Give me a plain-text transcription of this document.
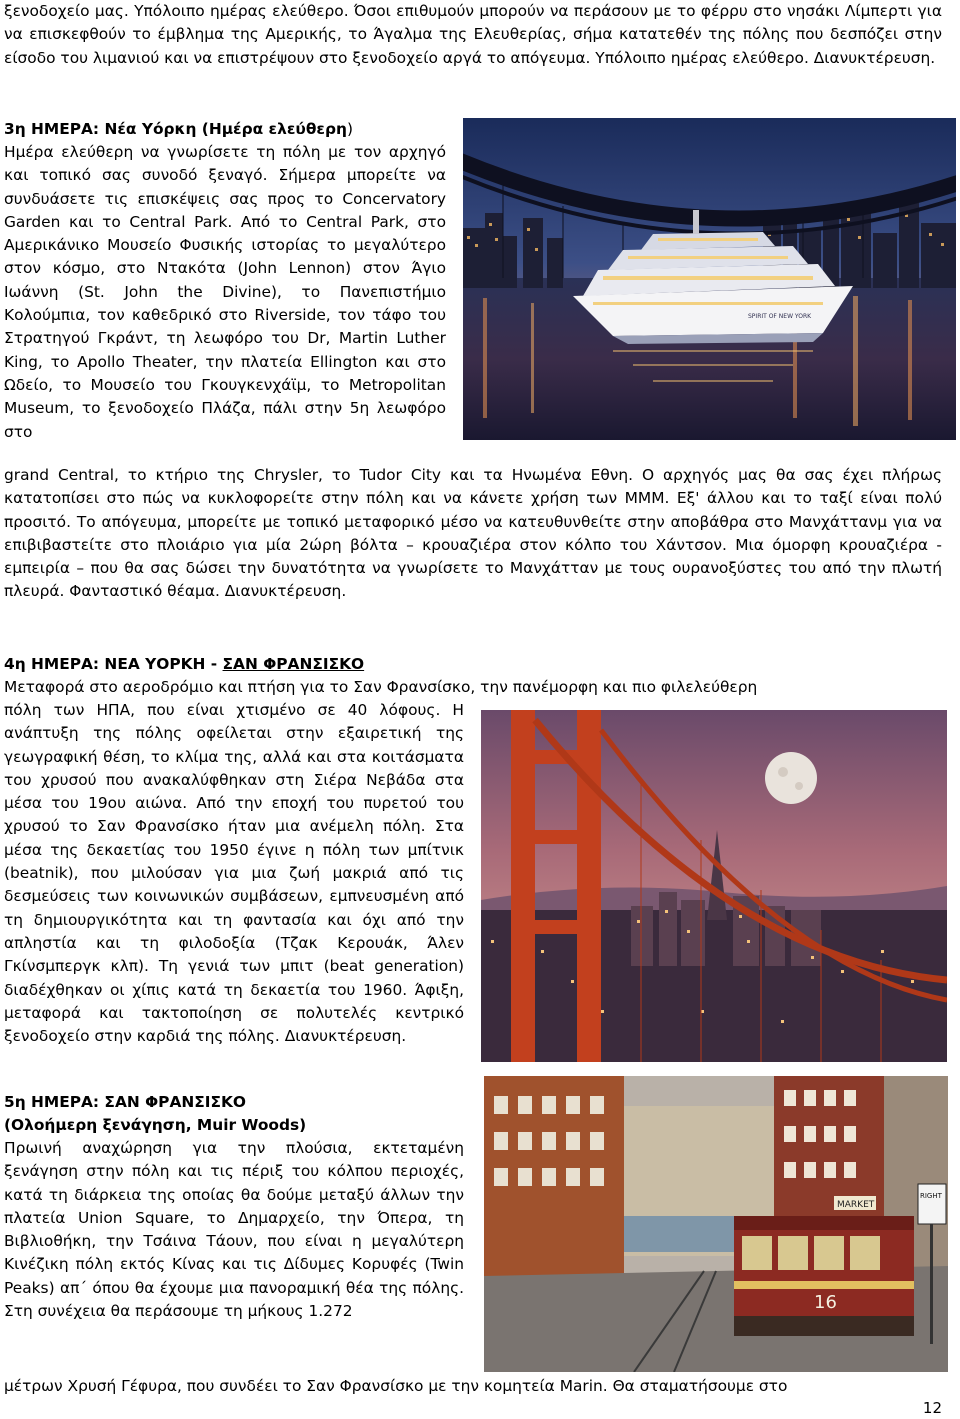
ξενοδοχείο μας. Υπόλοιπο ημέρας ελεύθερο. Όσοι επιθυμούν μπορούν να περάσουν με το φέρρυ στο νησάκι Λίμπερτι για να επισκεφθούν το έμβλημα της Αμερικής, το Άγαλμα της Ελευθερίας, σήμα κατατεθέν της πόλης που δεσπόζει στην είσοδο του λιμανιού και να επιστρέψουν στο ξενοδοχείο αργά το απόγευμα. Υπόλοιπο ημέρας ελεύθερο. Διανυκτέρευση.

3η ΗΜΕΡΑ: Νέα Υόρκη (Ημέρα ελεύθερη)

Ημέρα ελεύθερη να γνωρίσετε τη πόλη με τον αρχηγό και τοπικό σας συνοδό ξεναγό. Σήμερα μπορείτε να συνδυάσετε τις επισκέψεις σας προς το Concervatory Garden και το Central Park. Από το Central Park, στο Αμερικάνικο Μουσείο Φυσικής ιστορίας το μεγαλύτερο στον κόσμο, στο Ντακότα (John Lennon) στον Άγιο Ιωάννη (St. John the Divine), το Πανεπιστήμιο Κολούμπια, τον καθεδρικό στο Riverside, τον τάφο του Στρατηγού Γκράντ, τη λεωφόρο του Dr, Martin Luther King, το Apollo Theater, την πλατεία Ellington και στο Ωδείο, το Μουσείο του Γκουγκενχάϊμ, το Metropolitan Museum, το ξενοδοχείο Πλάζα, πάλι στην 5η λεωφόρο στο

SPIRIT OF NEW YORK

grand Central, το κτήριο της Chrysler, το Tudor City και τα Ηνωμένα Εθνη. Ο αρχηγός μας θα σας έχει πλήρως κατατοπίσει στο πώς να κυκλοφορείτε στην πόλη και να κάνετε χρήση των ΜΜΜ. Εξ' άλλου και το ταξί είναι πολύ προσιτό. Το απόγευμα, μπορείτε με τοπικό μεταφορικό μέσο να κατευθυνθείτε στην αποβάθρα στο Μανχάττανμ για να επιβιβαστείτε στο πλοιάριο για μία 2ώρη βόλτα – κρουαζιέρα στον κόλπο του Χάντσον. Μια όμορφη κρουαζιέρα - εμπειρία – που θα σας δώσει την δυνατότητα να γνωρίσετε το Μανχάτταν με τους ουρανοξύστες του από την πλωτή πλευρά. Φανταστικό θέαμα. Διανυκτέρευση.

4η ΗΜΕΡΑ: ΝΕΑ ΥΟΡΚΗ - ΣΑΝ ΦΡΑΝΣΙΣΚΟ

Μεταφορά στο αεροδρόμιο και πτήση για το Σαν Φρανσίσκο, την πανέμορφη και πιο φιλελεύθερη

πόλη των ΗΠΑ, που είναι χτισμένο σε 40 λόφους. Η ανάπτυξη της πόλης οφείλεται στην εξαιρετική της γεωγραφική θέση, το κλίμα της, αλλά και στα κοιτάσματα του χρυσού που ανακαλύφθηκαν στη Σιέρα Νεβάδα στα μέσα του 19ου αιώνα. Από την εποχή του πυρετού του χρυσού το Σαν Φρανσίσκο ήταν μια ανέμελη πόλη. Στα μέσα της δεκαετίας του 1950 έγινε η πόλη των μπίτνικ (beatnik), που μιλούσαν για μια ζωή μακριά από τις δεσμεύσεις των κοινωνικών συμβάσεων, εμπνευσμένη από τη δημιουργικότητα και τη φαντασία και όχι από την απληστία και τη φιλοδοξία (Τζακ Κερουάκ, Άλεν Γκίνσμπεργκ κλπ). Τη γενιά των μπιτ (beat generation) διαδέχθηκαν οι χίπις κατά τη δεκαετία του 1960. Άφιξη, μεταφορά και τακτοποίηση σε πολυτελές κεντρικό ξενοδοχείο στην καρδιά της πόλης. Διανυκτέρευση.

5η ΗΜΕΡΑ: ΣΑΝ ΦΡΑΝΣΙΣΚΟ

(Ολοήμερη ξενάγηση, Muir Woods)

Πρωινή αναχώρηση για την πλούσια, εκτεταμένη ξενάγηση στην πόλη και τις πέριξ του κόλπου περιοχές, κατά τη διάρκεια της οποίας θα δούμε μεταξύ άλλων την πλατεία Union Square, το Δημαρχείο, την Όπερα, τη Βιβλιοθήκη, την Τσάινα Τάουν, που είναι η μεγαλύτερη Κινέζικη πόλη εκτός Κίνας και τις Δίδυμες Κορυφές (Twin Peaks) απ΄ όπου θα έχουμε μια πανοραμική θέα της πόλης. Στη συνέχεια θα περάσουμε τη μήκους 1.272

MARKET
16
RIGHT

μέτρων Χρυσή Γέφυρα, που συνδέει το Σαν Φρανσίσκο με την κομητεία Marin. Θα σταματήσουμε στο

12
